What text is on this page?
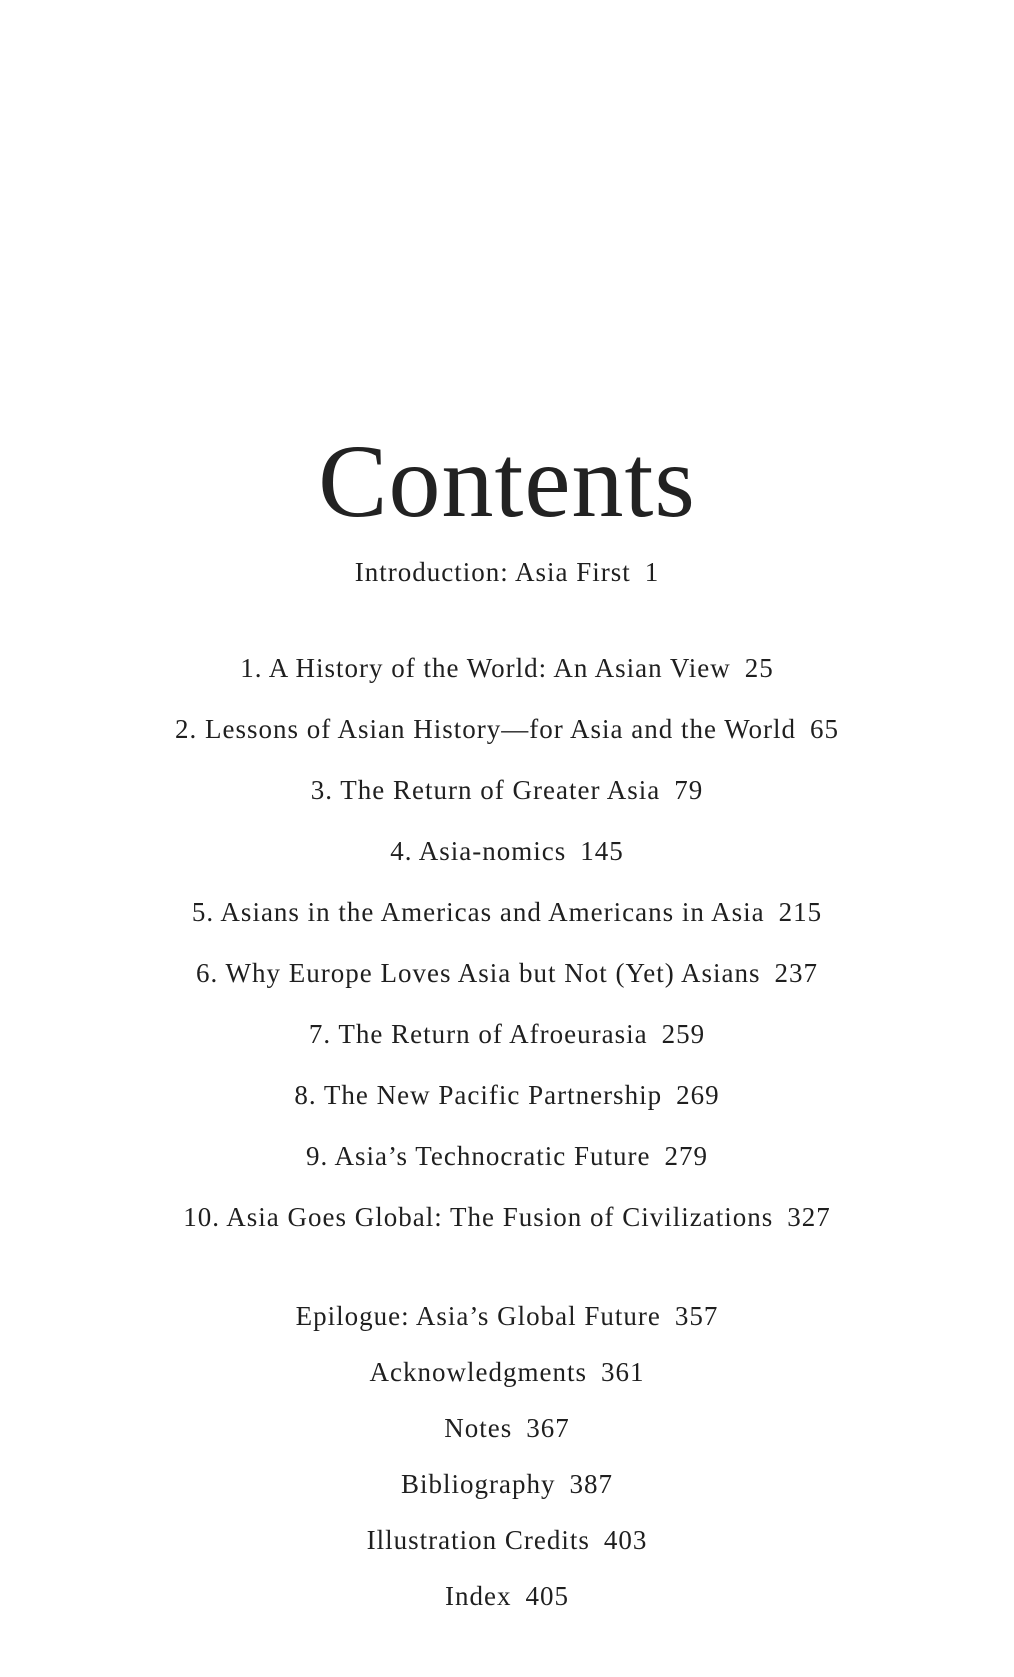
Contents
Introduction: Asia First 1
1. A History of the World: An Asian View 25
2. Lessons of Asian History—for Asia and the World 65
3. The Return of Greater Asia 79
4. Asia-nomics 145
5. Asians in the Americas and Americans in Asia 215
6. Why Europe Loves Asia but Not (Yet) Asians 237
7. The Return of Afroeurasia 259
8. The New Pacific Partnership 269
9. Asia’s Technocratic Future 279
10. Asia Goes Global: The Fusion of Civilizations 327
Epilogue: Asia’s Global Future 357
Acknowledgments 361
Notes 367
Bibliography 387
Illustration Credits 403
Index 405
